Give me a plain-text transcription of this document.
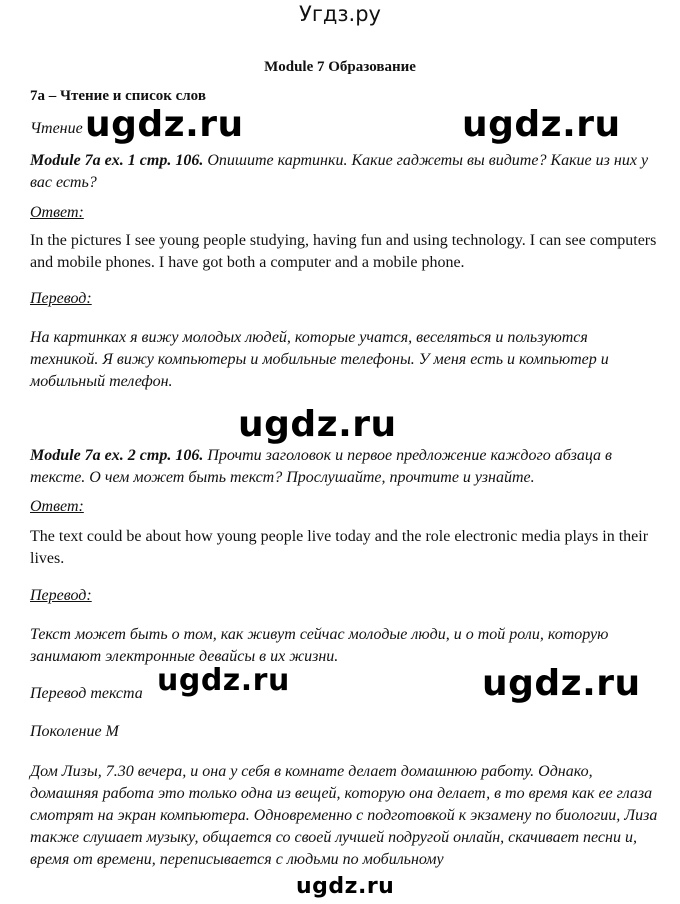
Угдз.ру
Module 7 Образование
7a – Чтение и список слов
Чтение
Module 7a ex. 1 стр. 106. Опишите картинки. Какие гаджеты вы видите? Какие из них у вас есть?
Ответ:
In the pictures I see young people studying, having fun and using technology. I can see computers and mobile phones. I have got both a computer and a mobile phone.
Перевод:
На картинках я вижу молодых людей, которые учатся, веселяться и пользуются техникой. Я вижу компьютеры и мобильные телефоны. У меня есть и компьютер и мобильный телефон.
Module 7a ex. 2 стр. 106. Прочти заголовок и первое предложение каждого абзаца в тексте. О чем может быть текст? Прослушайте, прочтите и узнайте.
Ответ:
The text could be about how young people live today and the role electronic media plays in their lives.
Перевод:
Текст может быть о том, как живут сейчас молодые люди, и о той роли, которую занимают электронные девайсы в их жизни.
Перевод текста
Поколение М
Дом Лизы, 7.30 вечера, и она у себя в комнате делает домашнюю работу. Однако, домашняя работа это только одна из вещей, которую она делает, в то время как ее глаза смотрят на экран компьютера. Одновременно с подготовкой к экзамену по биологии, Лиза также слушает музыку, общается со своей лучшей подругой онлайн, скачивает песни и, время от времени, переписывается с людьми по мобильному
ugdz.ru	ugdz.ru
ugdz.ru
ugdz.ru	ugdz.ru
ugdz.ru
